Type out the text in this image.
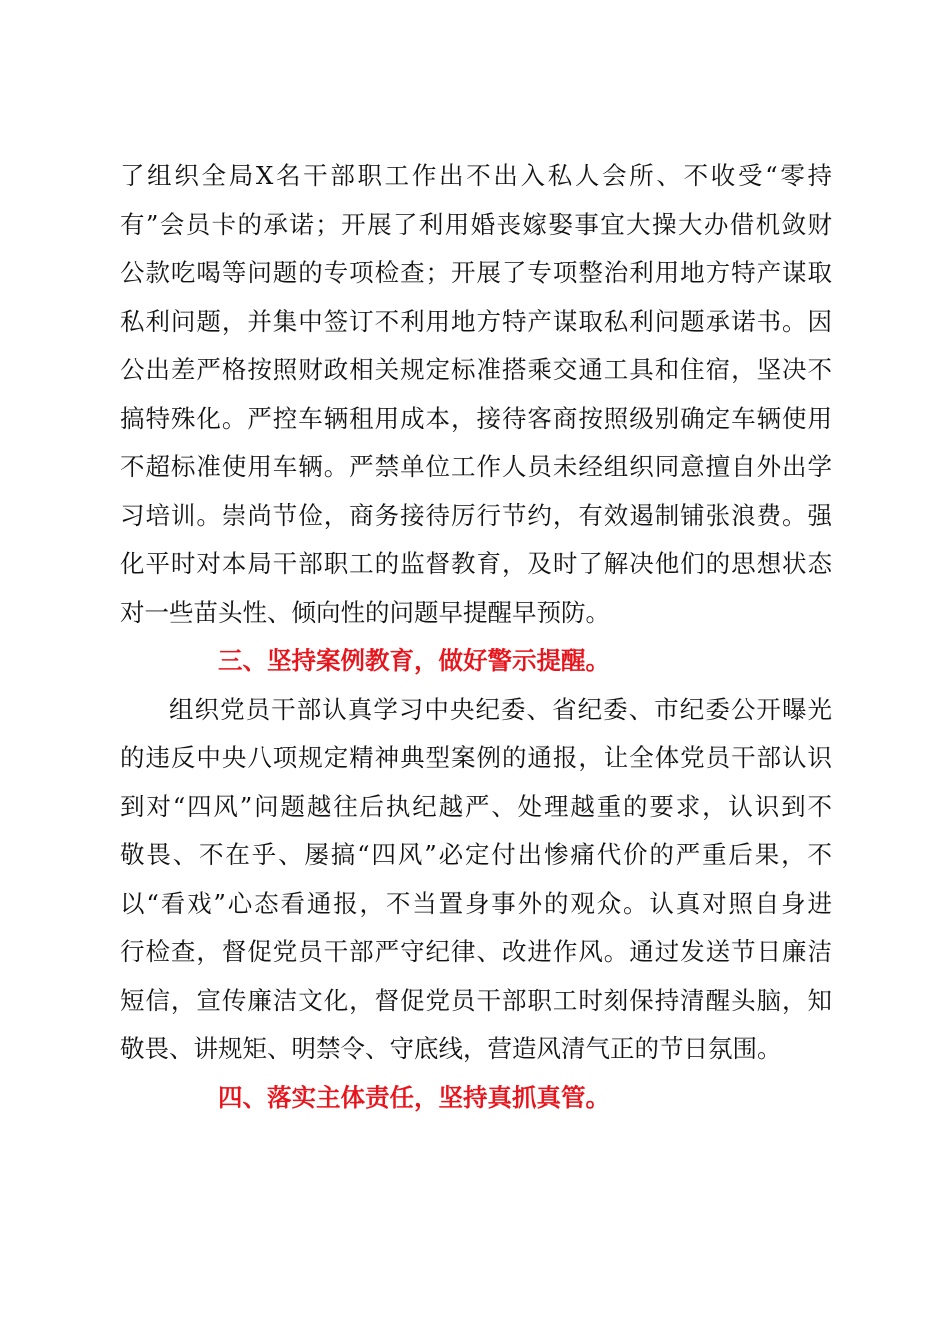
了组织全局X名干部职工作出不出入私人会所、不收受“零持
有”会员卡的承诺；开展了利用婚丧嫁娶事宜大操大办借机敛财
公款吃喝等问题的专项检查；开展了专项整治利用地方特产谋取
私利问题，并集中签订不利用地方特产谋取私利问题承诺书。因
公出差严格按照财政相关规定标准搭乘交通工具和住宿，坚决不
搞特殊化。严控车辆租用成本，接待客商按照级别确定车辆使用
不超标准使用车辆。严禁单位工作人员未经组织同意擅自外出学
习培训。崇尚节俭，商务接待厉行节约，有效遏制铺张浪费。强
化平时对本局干部职工的监督教育，及时了解决他们的思想状态
对一些苗头性、倾向性的问题早提醒早预防。
三、坚持案例教育，做好警示提醒。
组织党员干部认真学习中央纪委、省纪委、市纪委公开曝光
的违反中央八项规定精神典型案例的通报，让全体党员干部认识
到对“四风”问题越往后执纪越严、处理越重的要求，认识到不
敬畏、不在乎、屡搞“四风”必定付出惨痛代价的严重后果，不
以“看戏”心态看通报，不当置身事外的观众。认真对照自身进
行检查，督促党员干部严守纪律、改进作风。通过发送节日廉洁
短信，宣传廉洁文化，督促党员干部职工时刻保持清醒头脑，知
敬畏、讲规矩、明禁令、守底线，营造风清气正的节日氛围。
四、落实主体责任，坚持真抓真管。
